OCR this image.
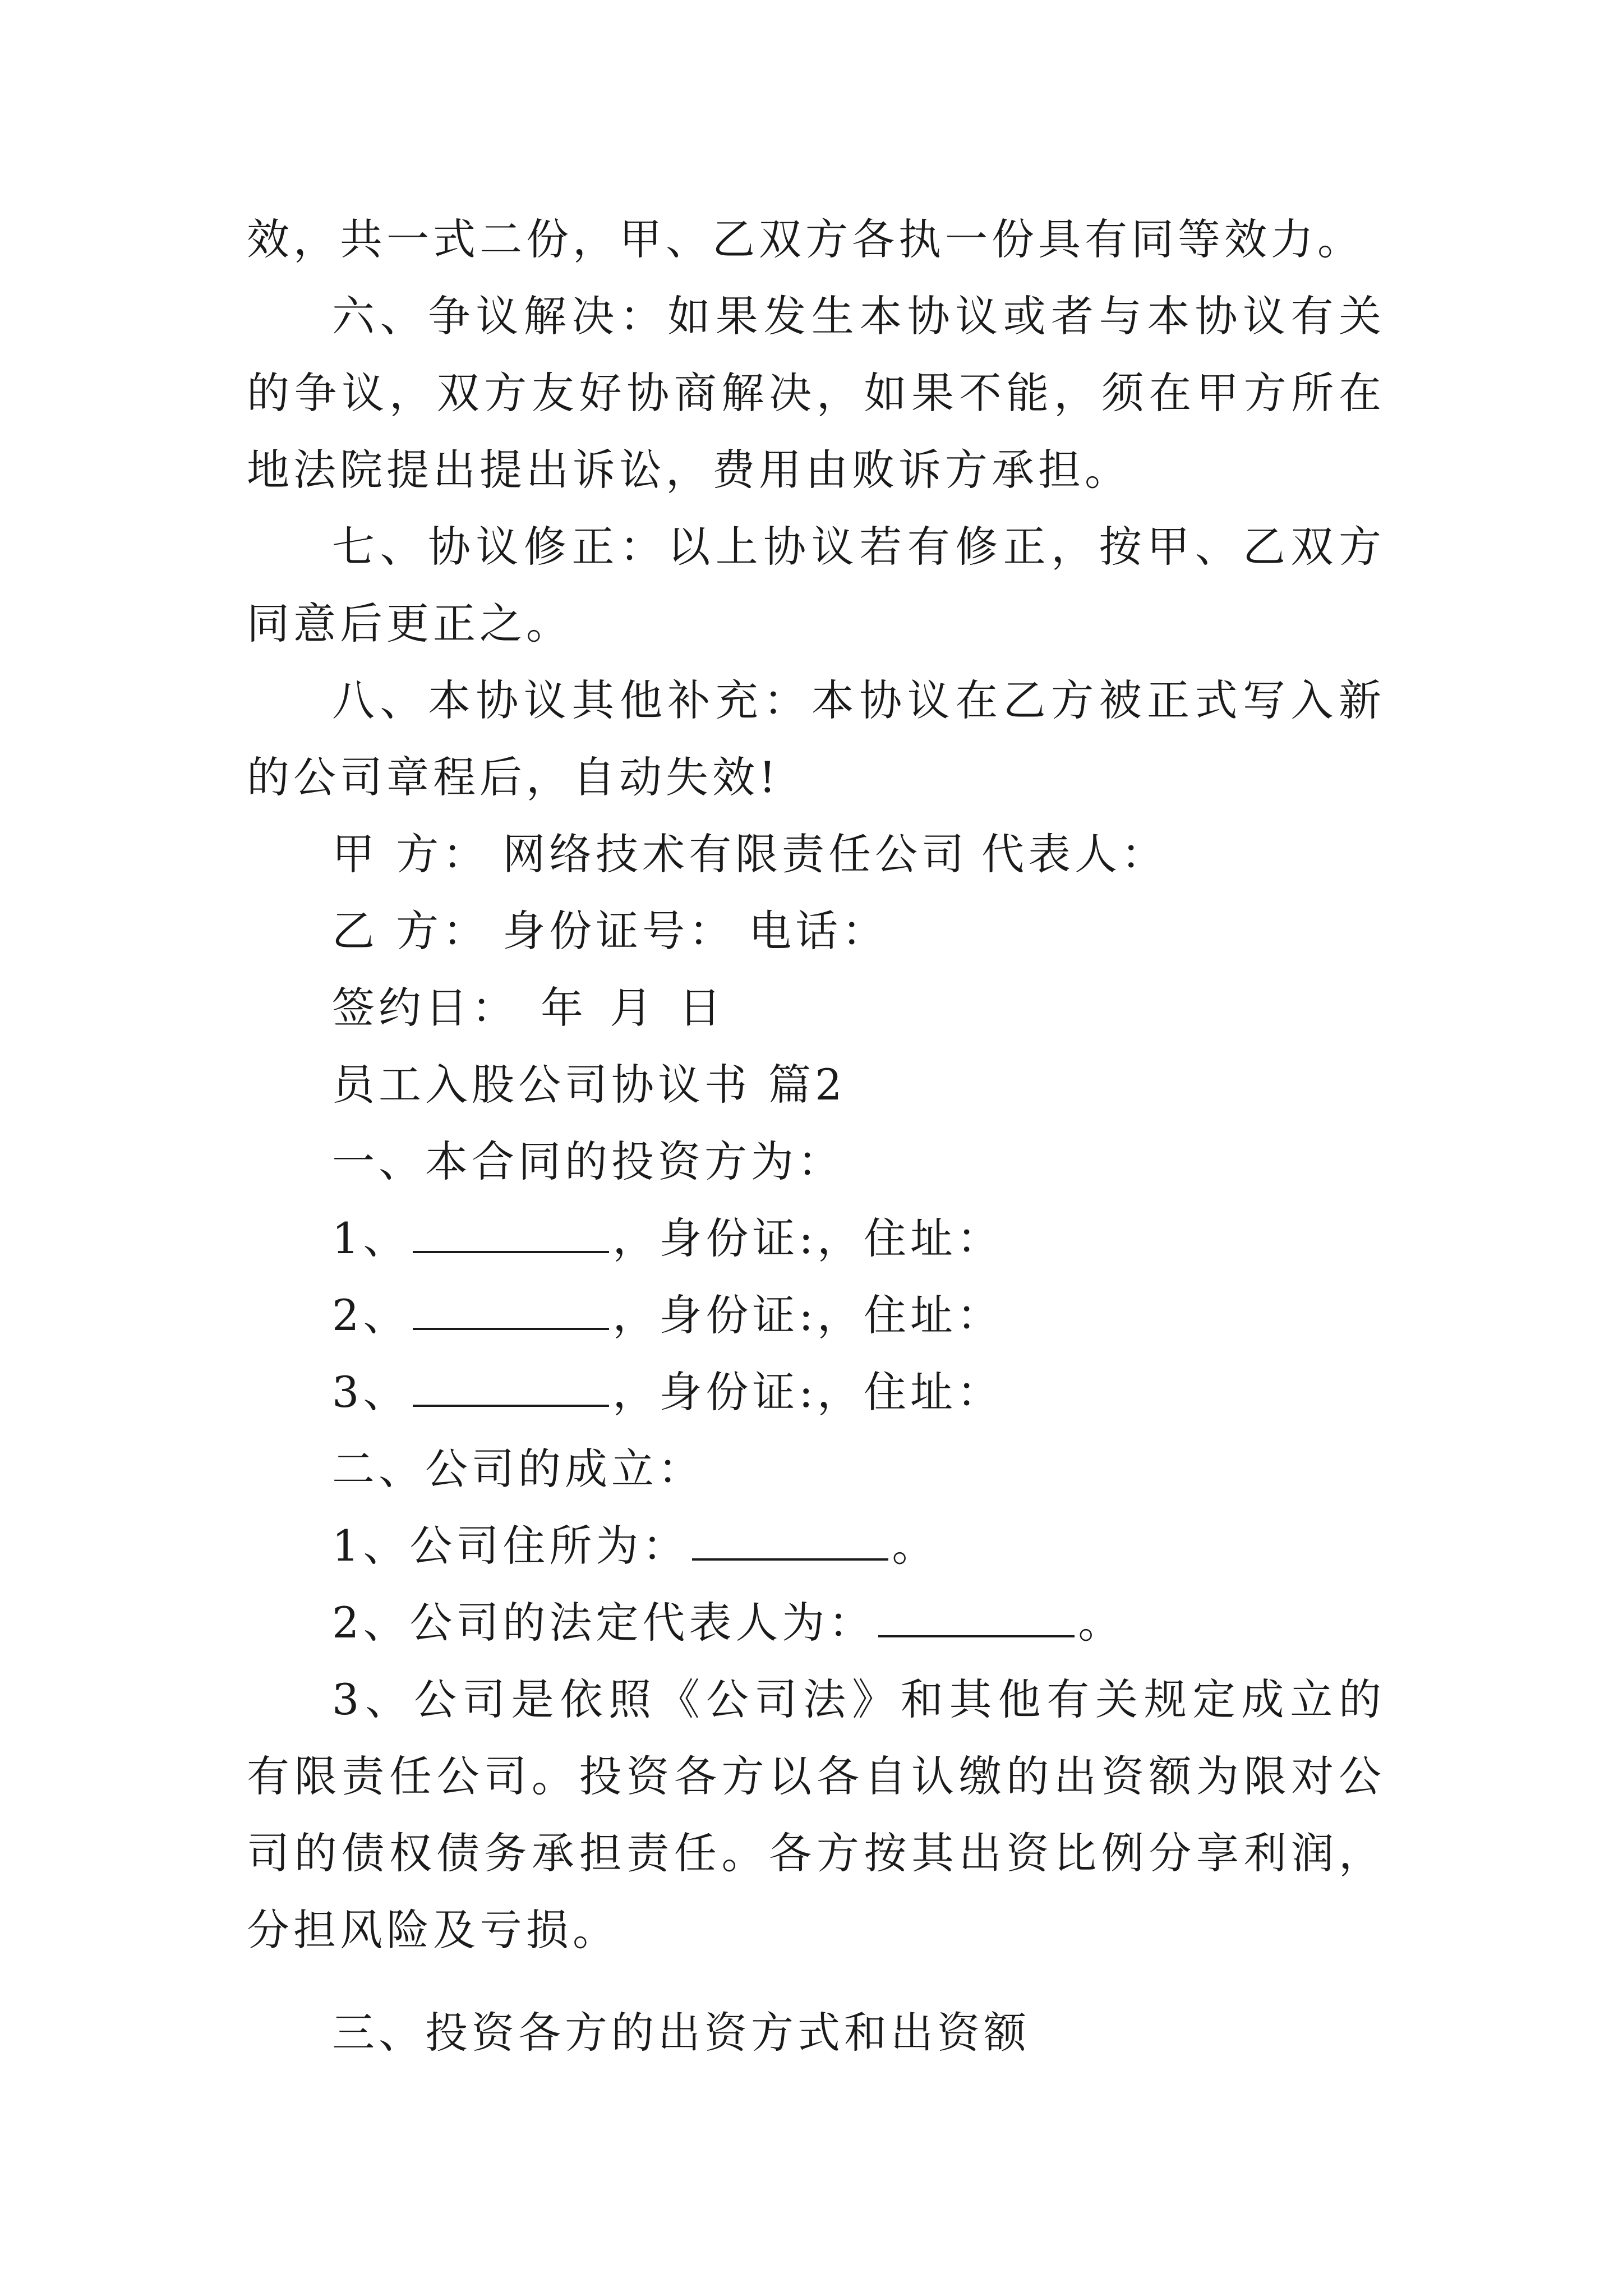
效，共一式二份，甲、乙双方各执一份具有同等效力。

六、争议解决：如果发生本协议或者与本协议有关的争议，双方友好协商解决，如果不能，须在甲方所在地法院提出提出诉讼，费用由败诉方承担。

七、协议修正：以上协议若有修正，按甲、乙双方同意后更正之。

八、本协议其他补充：本协议在乙方被正式写入新的公司章程后，自动失效!

甲 方： 网络技术有限责任公司 代表人：

乙 方： 身份证号： 电话：

签约日： 年 月 日

员工入股公司协议书 篇2

一、本合同的投资方为：

1、	，身份证:，住址：

2、	，身份证:，住址：

3、	，身份证:，住址：

二、公司的成立：

1、公司住所为：	。

2、公司的法定代表人为：	。

3、公司是依照《公司法》和其他有关规定成立的有限责任公司。投资各方以各自认缴的出资额为限对公司的债权债务承担责任。各方按其出资比例分享利润，分担风险及亏损。

三、投资各方的出资方式和出资额
